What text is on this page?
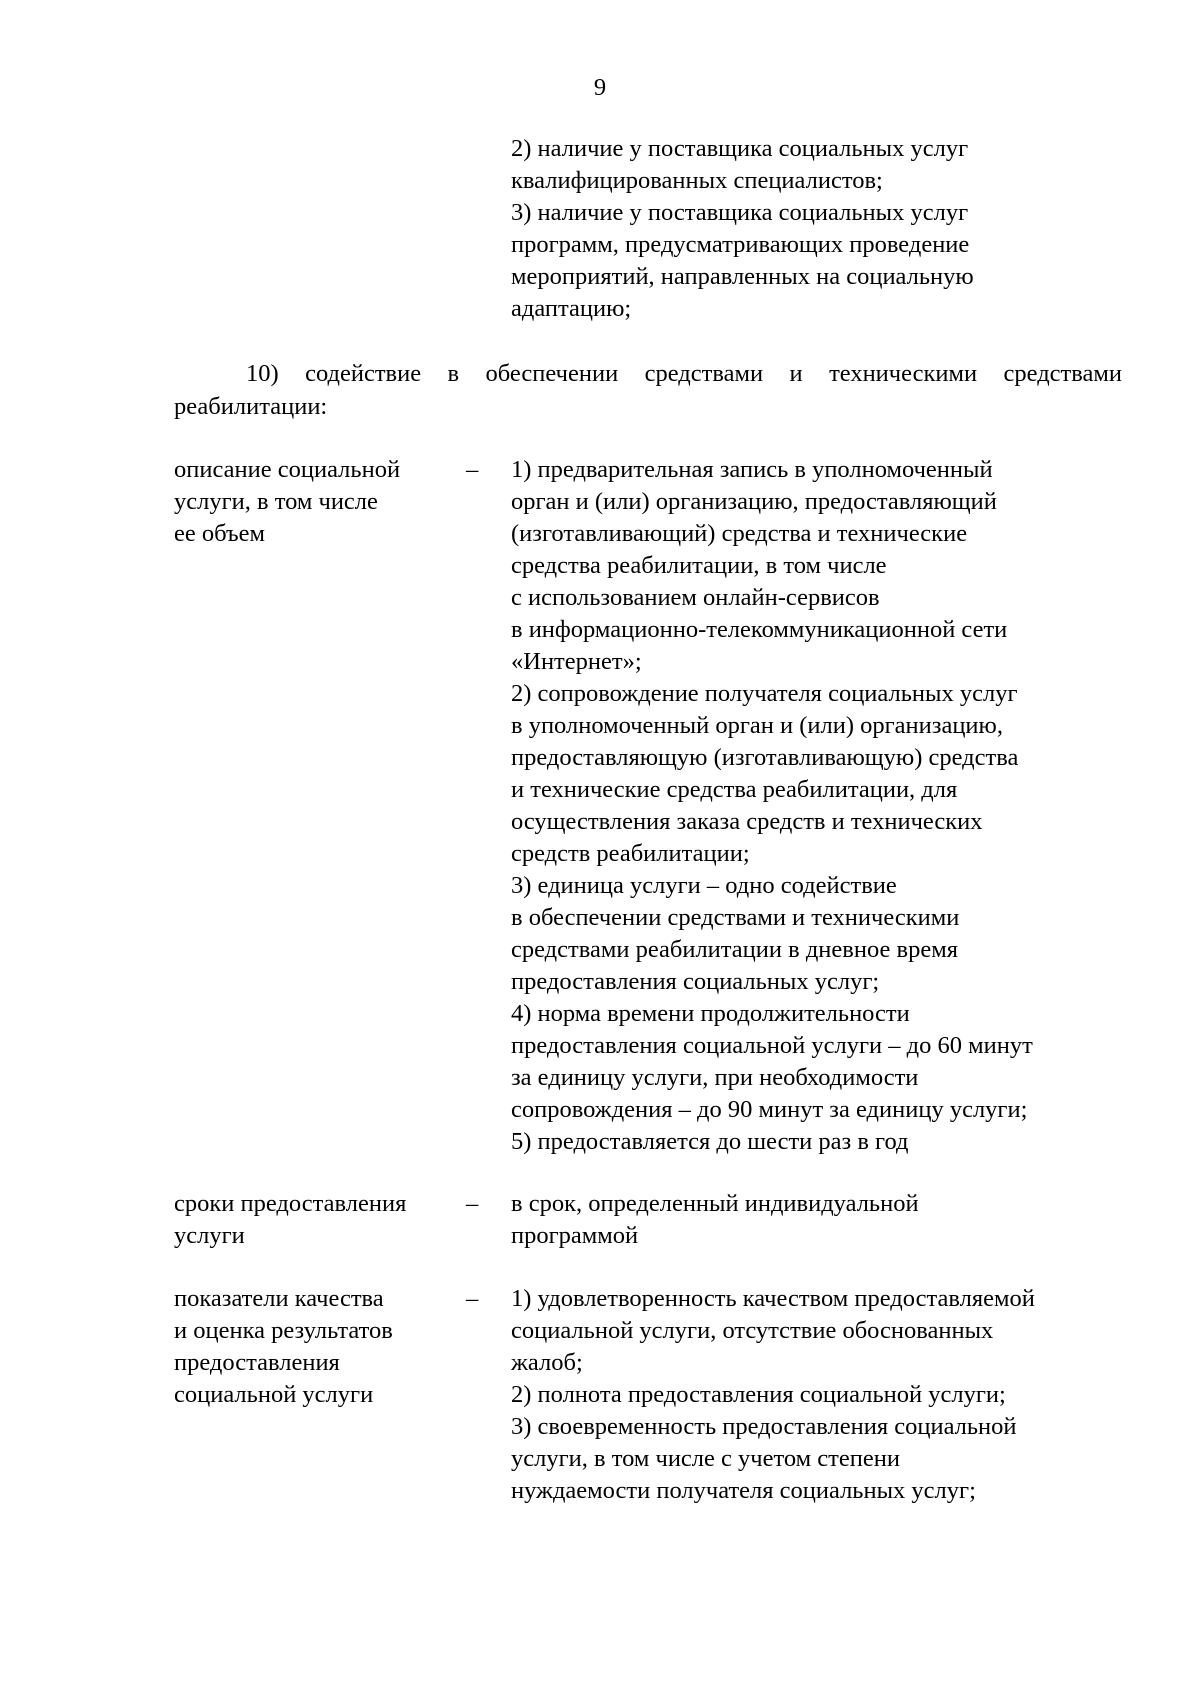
9
2) наличие у поставщика социальных услуг
квалифицированных специалистов;
3) наличие у поставщика социальных услуг
программ, предусматривающих проведение
мероприятий, направленных на социальную
адаптацию;
10) содействие в обеспечении средствами и техническими средствами
реабилитации:
описание социальной
услуги, в том числе
ее объем
– 1) предварительная запись в уполномоченный
орган и (или) организацию, предоставляющий
(изготавливающий) средства и технические
средства реабилитации, в том числе
с использованием онлайн-сервисов
в информационно-телекоммуникационной сети
«Интернет»;
2) сопровождение получателя социальных услуг
в уполномоченный орган и (или) организацию,
предоставляющую (изготавливающую) средства
и технические средства реабилитации, для
осуществления заказа средств и технических
средств реабилитации;
3) единица услуги – одно содействие
в обеспечении средствами и техническими
средствами реабилитации в дневное время
предоставления социальных услуг;
4) норма времени продолжительности
предоставления социальной услуги – до 60 минут
за единицу услуги, при необходимости
сопровождения – до 90 минут за единицу услуги;
5) предоставляется до шести раз в год
сроки предоставления
услуги
– в срок, определенный индивидуальной
программой
показатели качества
и оценка результатов
предоставления
социальной услуги
– 1) удовлетворенность качеством предоставляемой
социальной услуги, отсутствие обоснованных
жалоб;
2) полнота предоставления социальной услуги;
3) своевременность предоставления социальной
услуги, в том числе с учетом степени
нуждаемости получателя социальных услуг;
